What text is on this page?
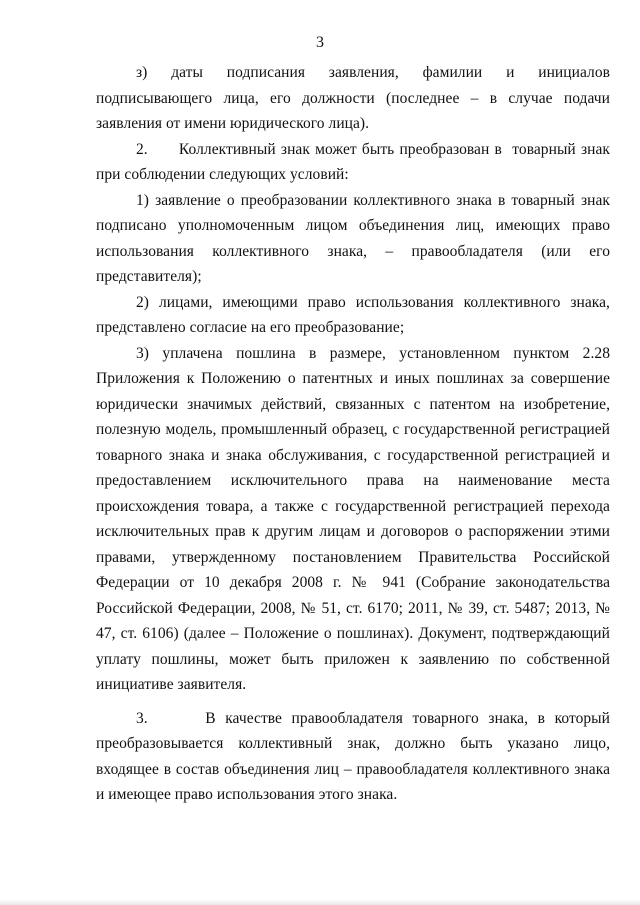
3

з) даты подписания заявления, фамилии и инициалов подписывающего лица, его должности (последнее – в случае подачи заявления от имени юридического лица).

2.      Коллективный знак может быть преобразован в  товарный знак при соблюдении следующих условий:

1) заявление о преобразовании коллективного знака в товарный знак подписано уполномоченным лицом объединения лиц, имеющих право использования коллективного знака, – правообладателя (или его представителя);

2) лицами, имеющими право использования коллективного знака, представлено согласие на его преобразование;

3) уплачена пошлина в размере, установленном пунктом 2.28 Приложения к Положению о патентных и иных пошлинах за совершение юридически значимых действий, связанных с патентом на изобретение, полезную модель, промышленный образец, с государственной регистрацией товарного знака и знака обслуживания, с государственной регистрацией и предоставлением исключительного права на наименование места происхождения товара, а также с государственной регистрацией перехода исключительных прав к другим лицам и договоров о распоряжении этими правами, утвержденному постановлением Правительства Российской Федерации от 10 декабря 2008 г. № 941 (Собрание законодательства Российской Федерации, 2008, № 51, ст. 6170; 2011, № 39, ст. 5487; 2013, № 47, ст. 6106) (далее – Положение о пошлинах). Документ, подтверждающий уплату пошлины, может быть приложен к заявлению по собственной инициативе заявителя.

3.      В качестве правообладателя товарного знака, в который преобразовывается коллективный знак, должно быть указано лицо, входящее в состав объединения лиц – правообладателя коллективного знака и имеющее право использования этого знака.
